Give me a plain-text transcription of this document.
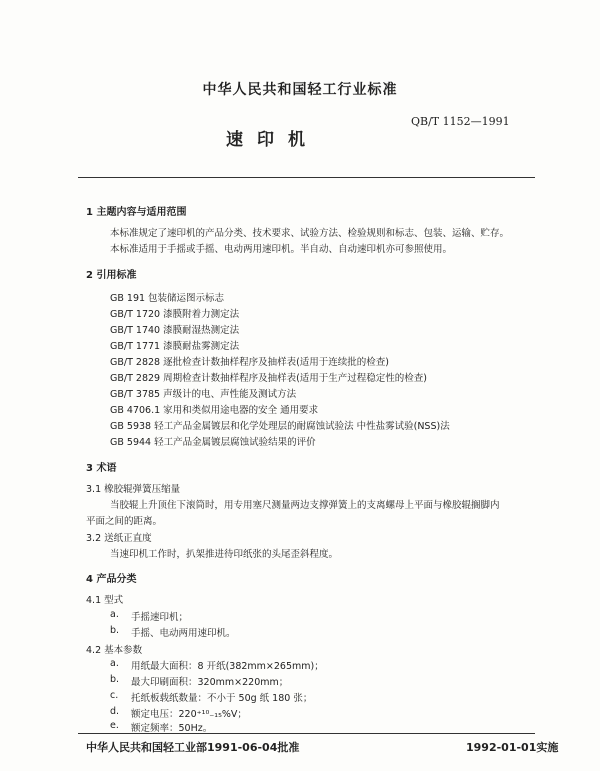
中华人民共和国轻工行业标准
QB/T 1152—1991
速印机
1 主题内容与适用范围
本标准规定了速印机的产品分类、技术要求、试验方法、检验规则和标志、包装、运输、贮存。
本标准适用于手摇或手摇、电动两用速印机。半自动、自动速印机亦可参照使用。
2 引用标准
GB 191 包装储运图示标志
GB/T 1720 漆膜附着力测定法
GB/T 1740 漆膜耐湿热测定法
GB/T 1771 漆膜耐盐雾测定法
GB/T 2828 逐批检查计数抽样程序及抽样表(适用于连续批的检查)
GB/T 2829 周期检查计数抽样程序及抽样表(适用于生产过程稳定性的检查)
GB/T 3785 声级计的电、声性能及测试方法
GB 4706.1 家用和类似用途电器的安全 通用要求
GB 5938 轻工产品金属镀层和化学处理层的耐腐蚀试验法 中性盐雾试验(NSS)法
GB 5944 轻工产品金属镀层腐蚀试验结果的评价
3 术语
3.1 橡胶辊弹簧压缩量
当胶辊上升顶住下滚筒时，用专用塞尺测量两边支撑弹簧上的支离螺母上平面与橡胶辊搁脚内
平面之间的距离。
3.2 送纸正直度
当速印机工作时，扒架推进待印纸张的头尾歪斜程度。
4 产品分类
4.1 型式
a. 手摇速印机；
b. 手摇、电动两用速印机。
4.2 基本参数
a. 用纸最大面积：8 开纸(382mm×265mm)；
b. 最大印刷面积：320mm×220mm；
c. 托纸板载纸数量：不小于 50g 纸 180 张；
d. 额定电压：220⁺¹⁰₋₁₅%V；
e. 额定频率：50Hz。
中华人民共和国轻工业部1991-06-04批准	1992-01-01实施
